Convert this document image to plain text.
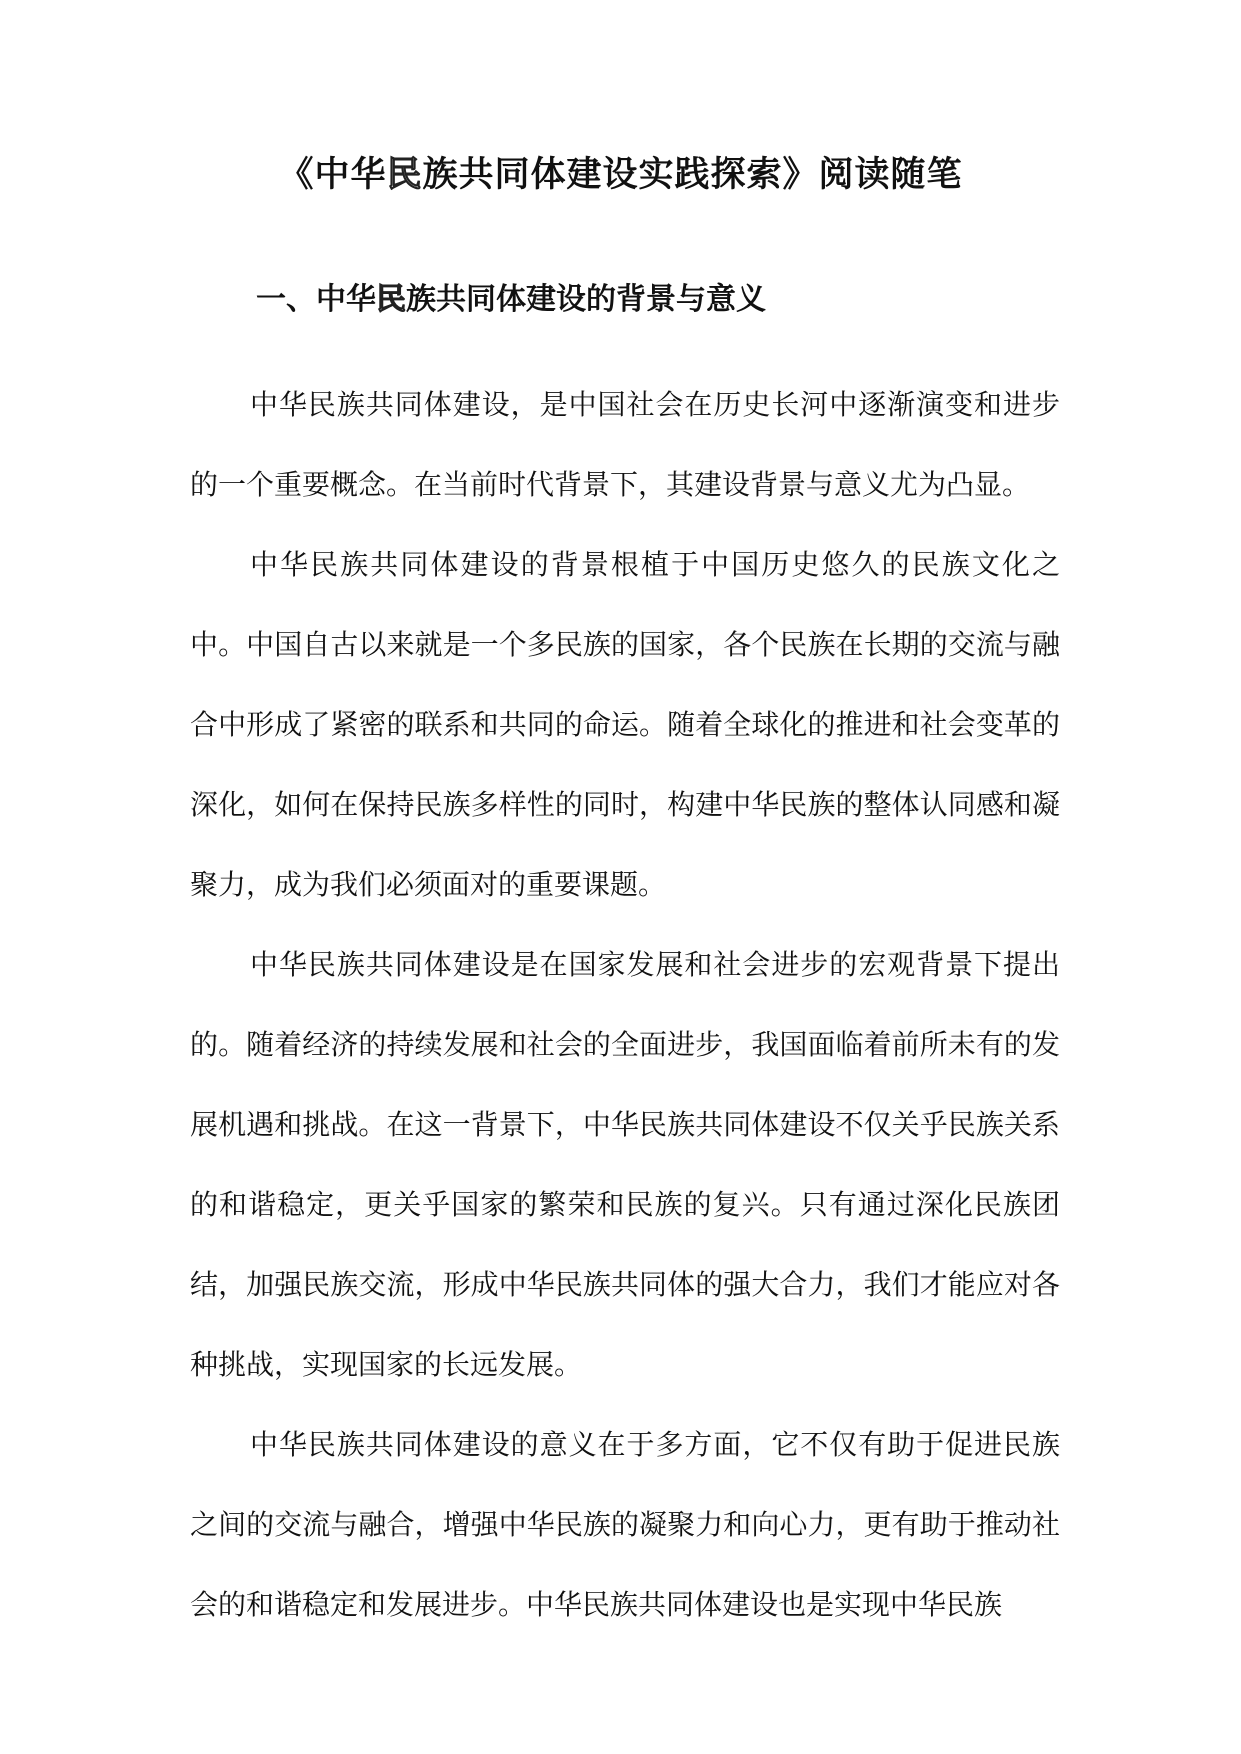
《中华民族共同体建设实践探索》阅读随笔
一、中华民族共同体建设的背景与意义

中华民族共同体建设，是中国社会在历史长河中逐渐演变和进步的一个重要概念。在当前时代背景下，其建设背景与意义尤为凸显。

中华民族共同体建设的背景根植于中国历史悠久的民族文化之中。中国自古以来就是一个多民族的国家，各个民族在长期的交流与融合中形成了紧密的联系和共同的命运。随着全球化的推进和社会变革的深化，如何在保持民族多样性的同时，构建中华民族的整体认同感和凝聚力，成为我们必须面对的重要课题。

中华民族共同体建设是在国家发展和社会进步的宏观背景下提出的。随着经济的持续发展和社会的全面进步，我国面临着前所未有的发展机遇和挑战。在这一背景下，中华民族共同体建设不仅关乎民族关系的和谐稳定，更关乎国家的繁荣和民族的复兴。只有通过深化民族团结，加强民族交流，形成中华民族共同体的强大合力，我们才能应对各种挑战，实现国家的长远发展。

中华民族共同体建设的意义在于多方面，它不仅有助于促进民族之间的交流与融合，增强中华民族的凝聚力和向心力，更有助于推动社会的和谐稳定和发展进步。中华民族共同体建设也是实现中华民族
